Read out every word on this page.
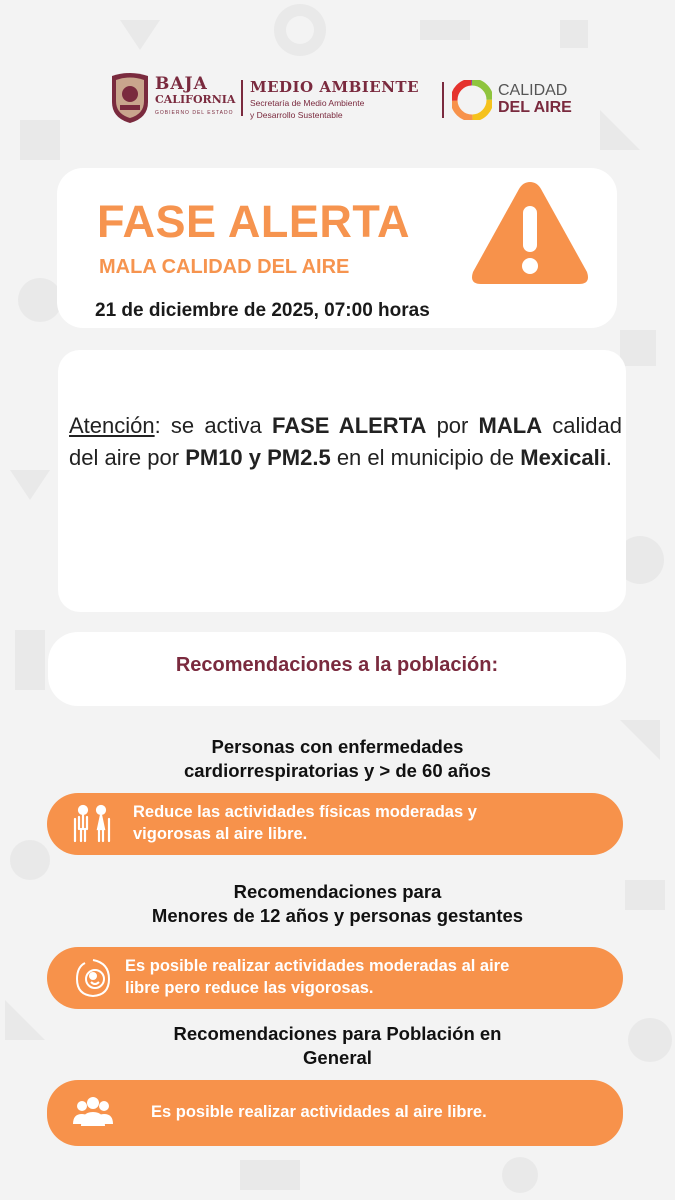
BAJA
CALIFORNIA
GOBIERNO DEL ESTADO
MEDIO AMBIENTE
Secretaría de Medio Ambiente
y Desarrollo Sustentable
CALIDAD
DEL AIRE
FASE ALERTA
MALA CALIDAD DEL AIRE
21 de diciembre de 2025, 07:00 horas
Atención: se activa FASE ALERTA por MALA calidad del aire por PM10 y PM2.5 en el municipio de Mexicali.
Recomendaciones a la población:
Personas con enfermedades
cardiorrespiratorias y > de 60 años
Reduce las actividades físicas moderadas y
vigorosas al aire libre.
Recomendaciones para
Menores de 12 años y personas gestantes
Es posible realizar actividades moderadas al aire
libre pero reduce las vigorosas.
Recomendaciones para Población en
General
Es posible realizar actividades al aire libre.
